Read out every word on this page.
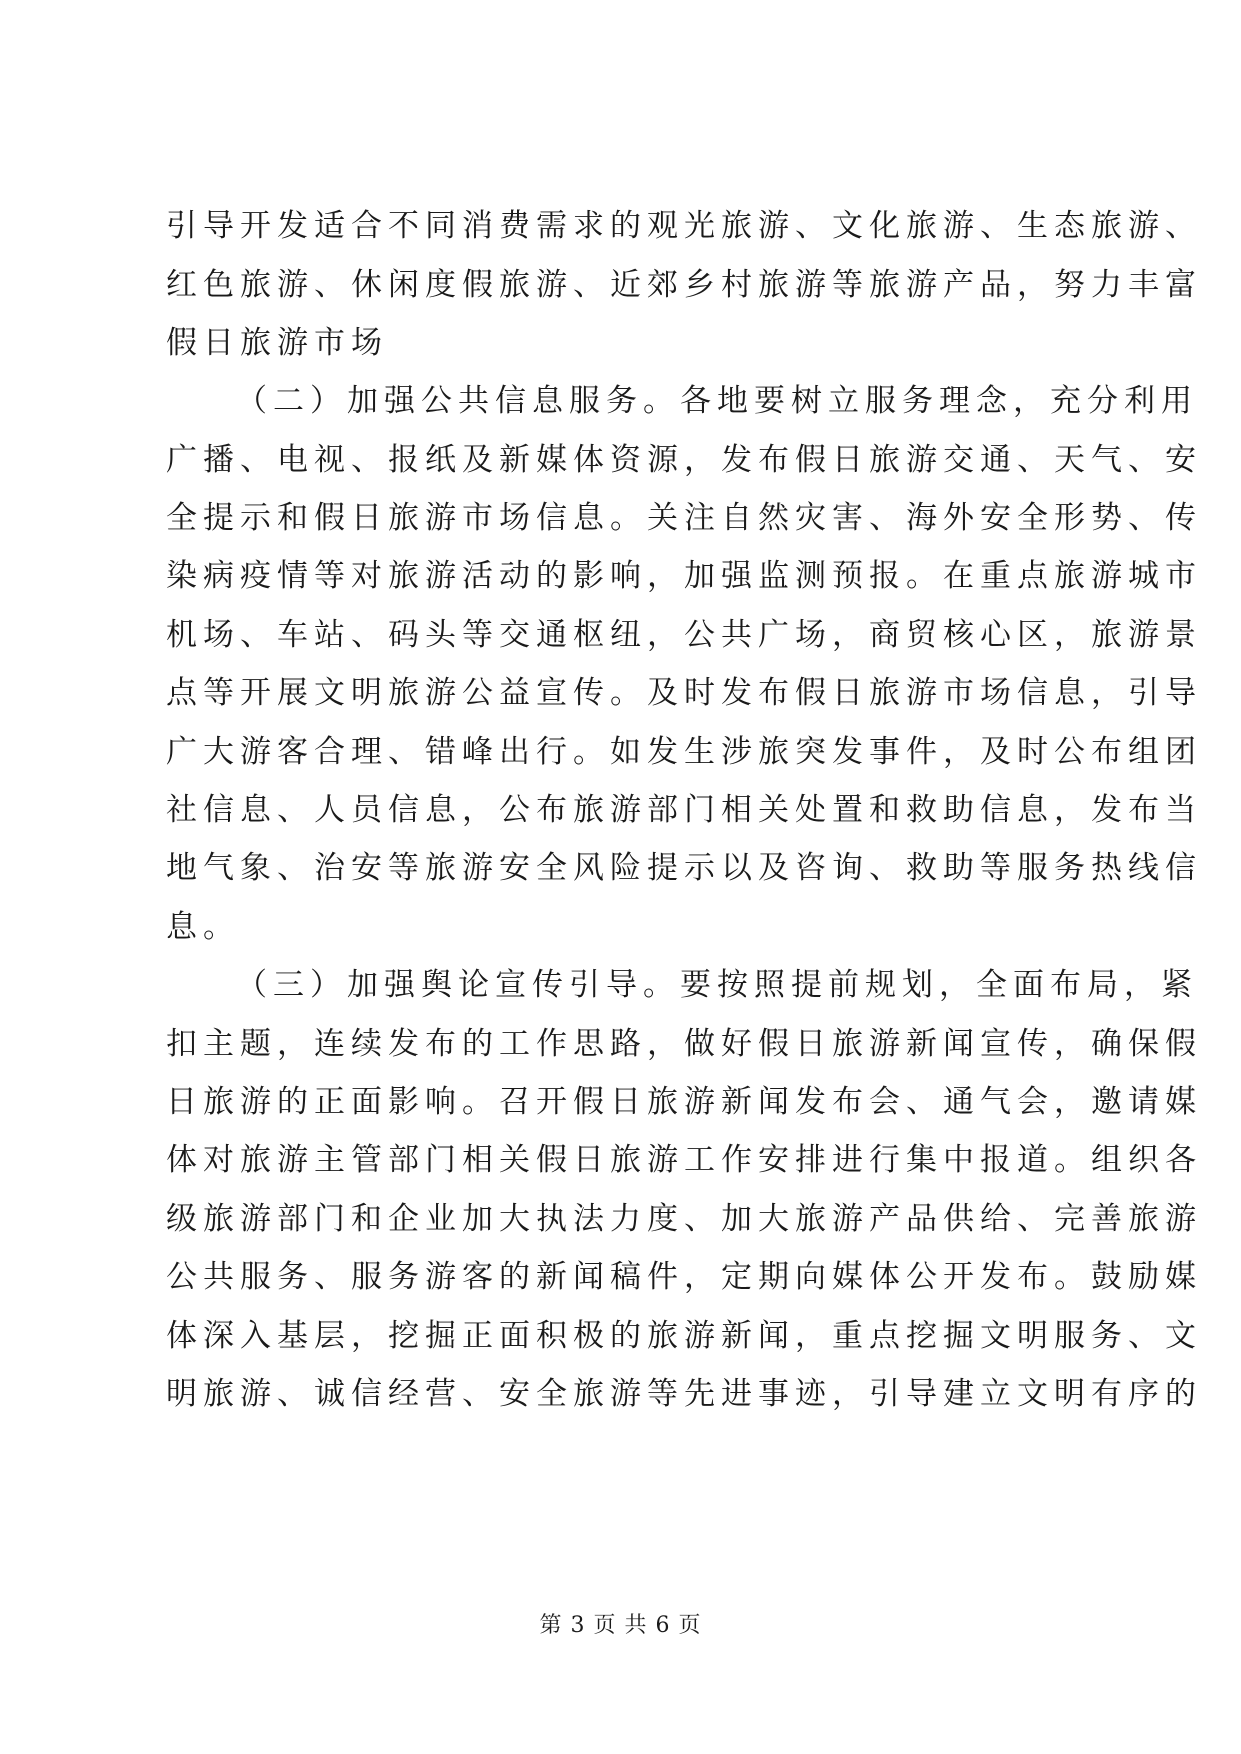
引导开发适合不同消费需求的观光旅游、文化旅游、生态旅游、
红色旅游、休闲度假旅游、近郊乡村旅游等旅游产品，努力丰富
假日旅游市场
（二）加强公共信息服务。各地要树立服务理念，充分利用
广播、电视、报纸及新媒体资源，发布假日旅游交通、天气、安
全提示和假日旅游市场信息。关注自然灾害、海外安全形势、传
染病疫情等对旅游活动的影响，加强监测预报。在重点旅游城市
机场、车站、码头等交通枢纽，公共广场，商贸核心区，旅游景
点等开展文明旅游公益宣传。及时发布假日旅游市场信息，引导
广大游客合理、错峰出行。如发生涉旅突发事件，及时公布组团
社信息、人员信息，公布旅游部门相关处置和救助信息，发布当
地气象、治安等旅游安全风险提示以及咨询、救助等服务热线信
息。
（三）加强舆论宣传引导。要按照提前规划，全面布局，紧
扣主题，连续发布的工作思路，做好假日旅游新闻宣传，确保假
日旅游的正面影响。召开假日旅游新闻发布会、通气会，邀请媒
体对旅游主管部门相关假日旅游工作安排进行集中报道。组织各
级旅游部门和企业加大执法力度、加大旅游产品供给、完善旅游
公共服务、服务游客的新闻稿件，定期向媒体公开发布。鼓励媒
体深入基层，挖掘正面积极的旅游新闻，重点挖掘文明服务、文
明旅游、诚信经营、安全旅游等先进事迹，引导建立文明有序的
第 3 页 共 6 页
